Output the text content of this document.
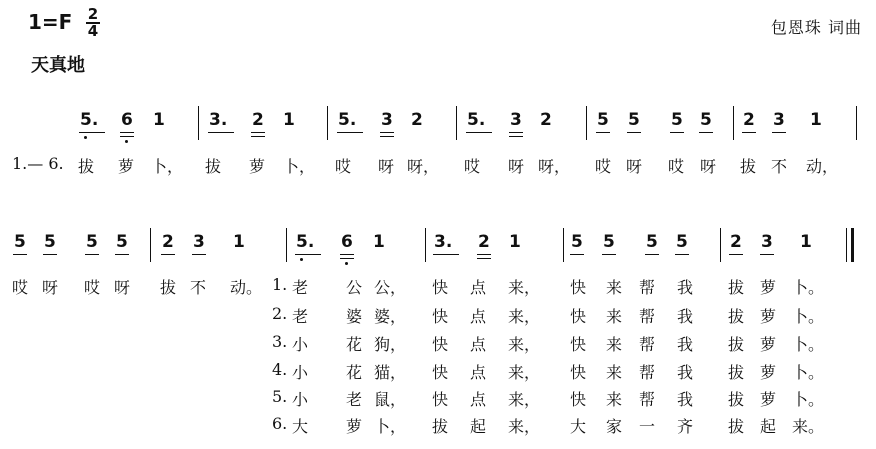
1=F 2
4	包恩珠 词曲
天真地
5. 6 1	3. 2 1	5. 3 2	5. 3 2	5 5 5 5 2 3 1
1.— 6. 拔 萝 卜， 拔 萝 卜， 哎 呀 呀， 哎 呀 呀， 哎 呀 哎 呀 拔 不 动，
5 5 5 5 2 3 1	5. 6 1	3. 2 1	5 5 5 5 2 3 1
哎 呀 哎 呀 拔 不 动。 1. 老 公 公， 快 点 来， 快 来 帮 我 拔 萝 卜。
2. 老 婆 婆， 快 点 来， 快 来 帮 我 拔 萝 卜。
3. 小 花 狗， 快 点 来， 快 来 帮 我 拔 萝 卜。
4. 小 花 猫， 快 点 来， 快 来 帮 我 拔 萝 卜。
5. 小 老 鼠， 快 点 来， 快 来 帮 我 拔 萝 卜。
6. 大 萝 卜， 拔 起 来， 大 家 一 齐 拔 起 来。
